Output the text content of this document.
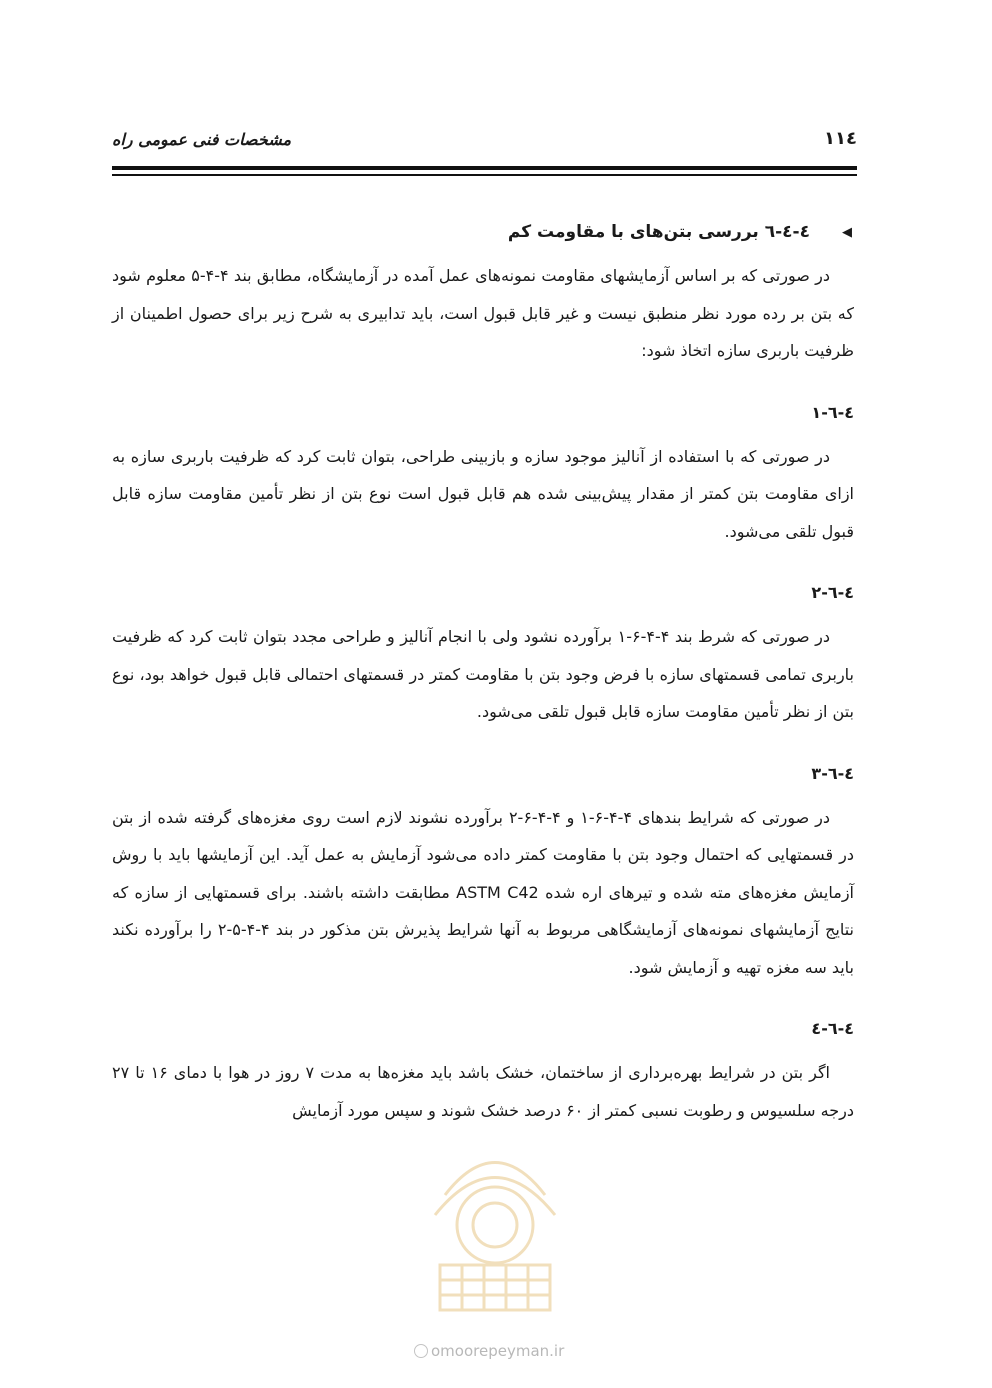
۱۱٤
مشخصات فنی عمومی راه
◀
٤-٤-٦ بررسی بتن‌های با مقاومت کم

در صورتی که بر اساس آزمایشهای مقاومت نمونه‌های عمل آمده در آزمایشگاه، مطابق بند ۴-۴-۵ معلوم شود که بتن بر رده مورد نظر منطبق نیست و غیر قابل قبول است، باید تدابیری به شرح زیر برای حصول اطمینان از ظرفیت باربری سازه اتخاذ شود:

٤-٦-١

در صورتی که با استفاده از آنالیز موجود سازه و بازبینی طراحی، بتوان ثابت کرد که ظرفیت باربری سازه به ازای مقاومت بتن کمتر از مقدار پیش‌بینی شده هم قابل قبول است نوع بتن از نظر تأمین مقاومت سازه قابل قبول تلقی می‌شود.

٤-٦-٢

در صورتی که شرط بند ۴-۴-۶-۱ برآورده نشود ولی با انجام آنالیز و طراحی مجدد بتوان ثابت کرد که ظرفیت باربری تمامی قسمتهای سازه با فرض وجود بتن با مقاومت کمتر در قسمتهای احتمالی قابل قبول خواهد بود، نوع بتن از نظر تأمین مقاومت سازه قابل قبول تلقی می‌شود.

٤-٦-٣

در صورتی که شرایط بندهای ۴-۴-۶-۱ و ۴-۴-۶-۲ برآورده نشوند لازم است روی مغزه‌های گرفته شده از بتن در قسمتهایی که احتمال وجود بتن با مقاومت کمتر داده می‌شود آزمایش به عمل آید. این آزمایشها باید با روش آزمایش مغزه‌های مته شده و تیرهای اره شده ASTM C42 مطابقت داشته باشند. برای قسمتهایی از سازه که نتایج آزمایشهای نمونه‌های آزمایشگاهی مربوط به آنها شرایط پذیرش بتن مذکور در بند ۴-۴-۵-۲ را برآورده نکند باید سه مغزه تهیه و آزمایش شود.

٤-٦-٤

اگر بتن در شرایط بهره‌برداری از ساختمان، خشک باشد باید مغزه‌ها به مدت ۷ روز در هوا با دمای ۱۶ تا ۲۷ درجه سلسیوس و رطوبت نسبی کمتر از ۶۰ درصد خشک شوند و سپس مورد آزمایش

omoorepeyman.ir
